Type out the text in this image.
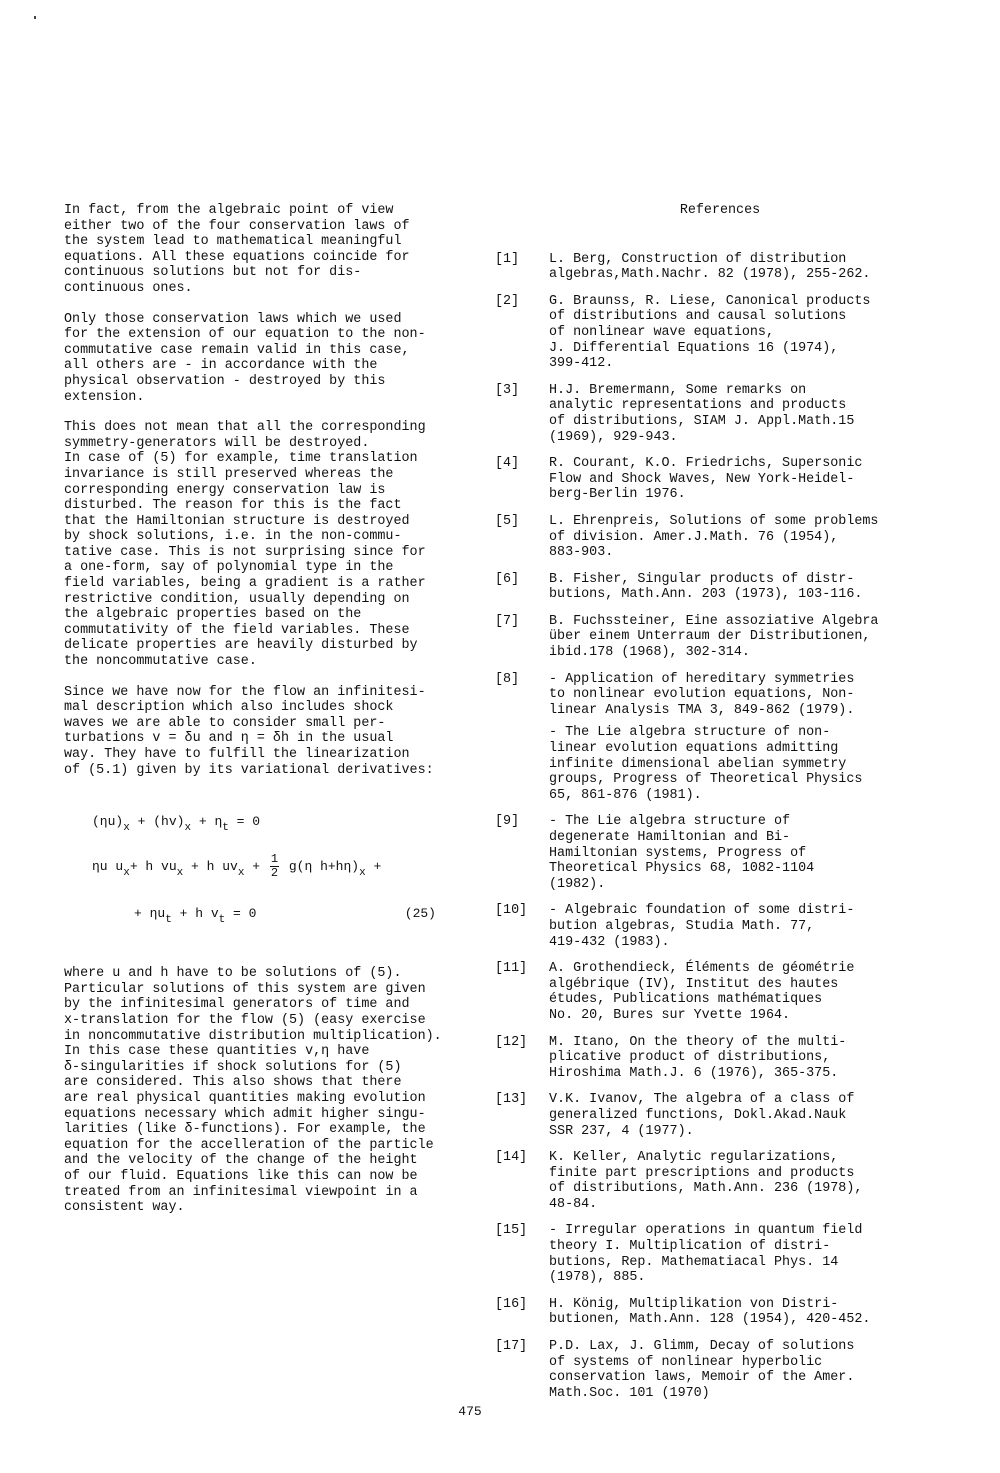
In fact, from the algebraic point of view
either two of the four conservation laws of
the system lead to mathematical meaningful
equations. All these equations coincide for
continuous solutions but not for dis-
continuous ones.

Only those conservation laws which we used
for the extension of our equation to the non-
commutative case remain valid in this case,
all others are - in accordance with the
physical observation - destroyed by this
extension.

This does not mean that all the corresponding
symmetry-generators will be destroyed.
In case of (5) for example, time translation
invariance is still preserved whereas the
corresponding energy conservation law is
disturbed. The reason for this is the fact
that the Hamiltonian structure is destroyed
by shock solutions, i.e. in the non-commu-
tative case. This is not surprising since for
a one-form, say of polynomial type in the
field variables, being a gradient is a rather
restrictive condition, usually depending on
the algebraic properties based on the
commutativity of the field variables. These
delicate properties are heavily disturbed by
the noncommutative case.

Since we have now for the flow an infinitesi-
mal description which also includes shock
waves we are able to consider small per-
turbations v = δu and η = δh in the usual
way. They have to fulfill the linearization
of (5.1) given by its variational derivatives:

$(\eta u)_x + (hv)_x + \eta_t = 0$
ηu $u_x+ h$ $vu_x + h$ $uv_x + \frac{1}{2} g(\eta$ $h+h\eta)_x$ +
+ $\eta u_t + h$ $v_t = 0$	(25)

where u and h have to be solutions of (5).
Particular solutions of this system are given
by the infinitesimal generators of time and
x-translation for the flow (5) (easy exercise
in noncommutative distribution multiplication).
In this case these quantities v,η have
δ-singularities if shock solutions for (5)
are considered. This also shows that there
are real physical quantities making evolution
equations necessary which admit higher singu-
larities (like δ-functions). For example, the
equation for the accelleration of the particle
and the velocity of the change of the height
of our fluid. Equations like this can now be
treated from an infinitesimal viewpoint in a
consistent way.

References
[1] L. Berg, Construction of distribution
algebras,Math.Nachr. 82 (1978), 255-262.
[2] G. Braunss, R. Liese, Canonical products
of distributions and causal solutions
of nonlinear wave equations,
J. Differential Equations 16 (1974),
399-412.
[3] H.J. Bremermann, Some remarks on
analytic representations and products
of distributions, SIAM J. Appl.Math.15
(1969), 929-943.
[4] R. Courant, K.O. Friedrichs, Supersonic
Flow and Shock Waves, New York-Heidel-
berg-Berlin 1976.
[5] L. Ehrenpreis, Solutions of some problems
of division. Amer.J.Math. 76 (1954),
883-903.
[6] B. Fisher, Singular products of distr-
butions, Math.Ann. 203 (1973), 103-116.
[7] B. Fuchssteiner, Eine assoziative Algebra
über einem Unterraum der Distributionen,
ibid.178 (1968), 302-314.
[8] - Application of hereditary symmetries
to nonlinear evolution equations, Non-
linear Analysis TMA 3, 849-862 (1979).
- The Lie algebra structure of non-
linear evolution equations admitting
infinite dimensional abelian symmetry
groups, Progress of Theoretical Physics
65, 861-876 (1981).
[9] - The Lie algebra structure of
degenerate Hamiltonian and Bi-
Hamiltonian systems, Progress of
Theoretical Physics 68, 1082-1104
(1982).
[10] - Algebraic foundation of some distri-
bution algebras, Studia Math. 77,
419-432 (1983).
[11] A. Grothendieck, Éléments de géométrie
algébrique (IV), Institut des hautes
études, Publications mathématiques
No. 20, Bures sur Yvette 1964.
[12] M. Itano, On the theory of the multi-
plicative product of distributions,
Hiroshima Math.J. 6 (1976), 365-375.
[13] V.K. Ivanov, The algebra of a class of
generalized functions, Dokl.Akad.Nauk
SSR 237, 4 (1977).
[14] K. Keller, Analytic regularizations,
finite part prescriptions and products
of distributions, Math.Ann. 236 (1978),
48-84.
[15] - Irregular operations in quantum field
theory I. Multiplication of distri-
butions, Rep. Mathematiacal Phys. 14
(1978), 885.
[16] H. König, Multiplikation von Distri-
butionen, Math.Ann. 128 (1954), 420-452.
[17] P.D. Lax, J. Glimm, Decay of solutions
of systems of nonlinear hyperbolic
conservation laws, Memoir of the Amer.
Math.Soc. 101 (1970)
475
